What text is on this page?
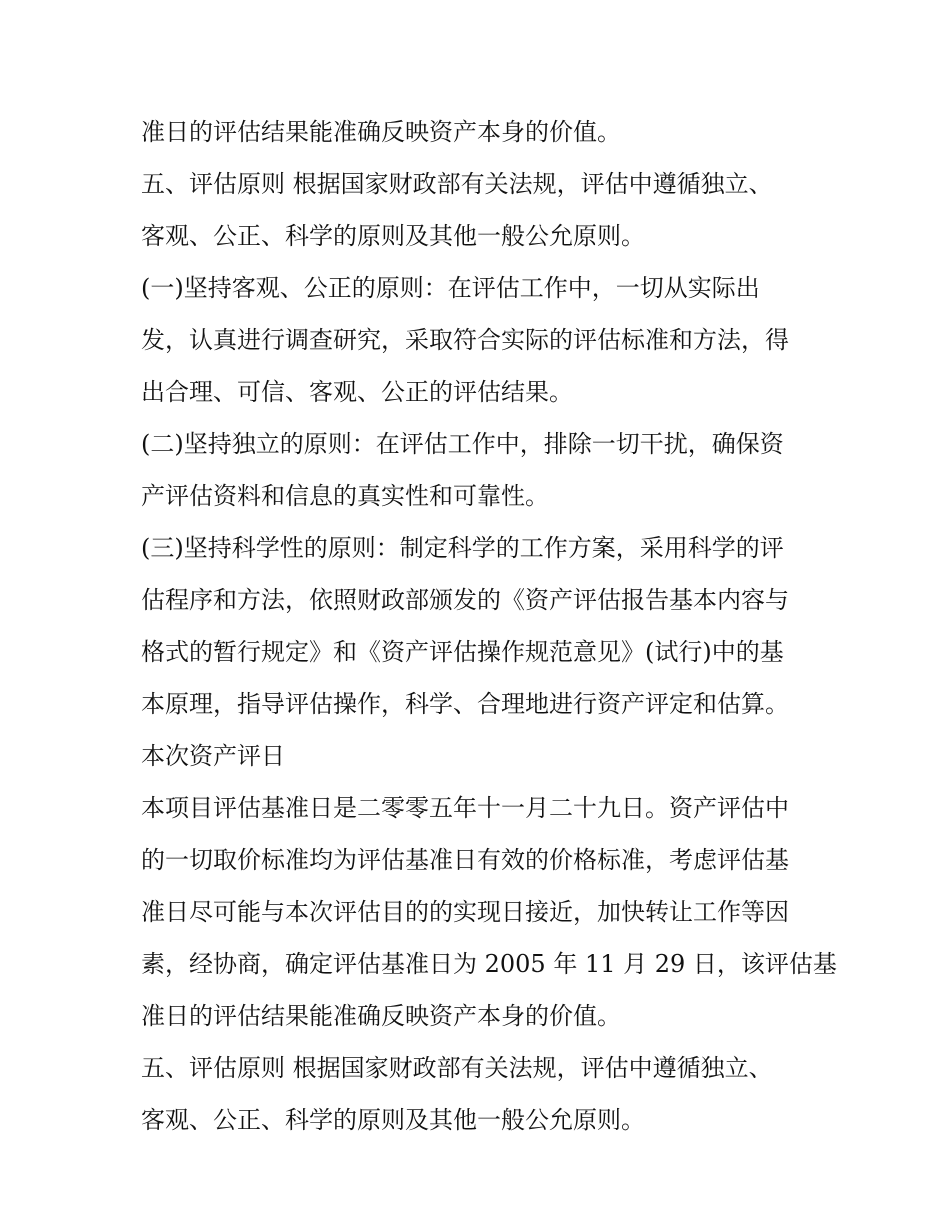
准日的评估结果能准确反映资产本身的价值。
五、评估原则 根据国家财政部有关法规，评估中遵循独立、
客观、公正、科学的原则及其他一般公允原则。
(一)坚持客观、公正的原则：在评估工作中，一切从实际出
发，认真进行调查研究，采取符合实际的评估标准和方法，得
出合理、可信、客观、公正的评估结果。
(二)坚持独立的原则：在评估工作中，排除一切干扰，确保资
产评估资料和信息的真实性和可靠性。
(三)坚持科学性的原则：制定科学的工作方案，采用科学的评
估程序和方法，依照财政部颁发的《资产评估报告基本内容与
格式的暂行规定》和《资产评估操作规范意见》(试行)中的基
本原理，指导评估操作，科学、合理地进行资产评定和估算。
本次资产评日
本项目评估基准日是二零零五年十一月二十九日。资产评估中
的一切取价标准均为评估基准日有效的价格标准，考虑评估基
准日尽可能与本次评估目的的实现日接近，加快转让工作等因
素，经协商，确定评估基准日为 2005 年 11 月 29 日，该评估基
准日的评估结果能准确反映资产本身的价值。
五、评估原则 根据国家财政部有关法规，评估中遵循独立、
客观、公正、科学的原则及其他一般公允原则。
